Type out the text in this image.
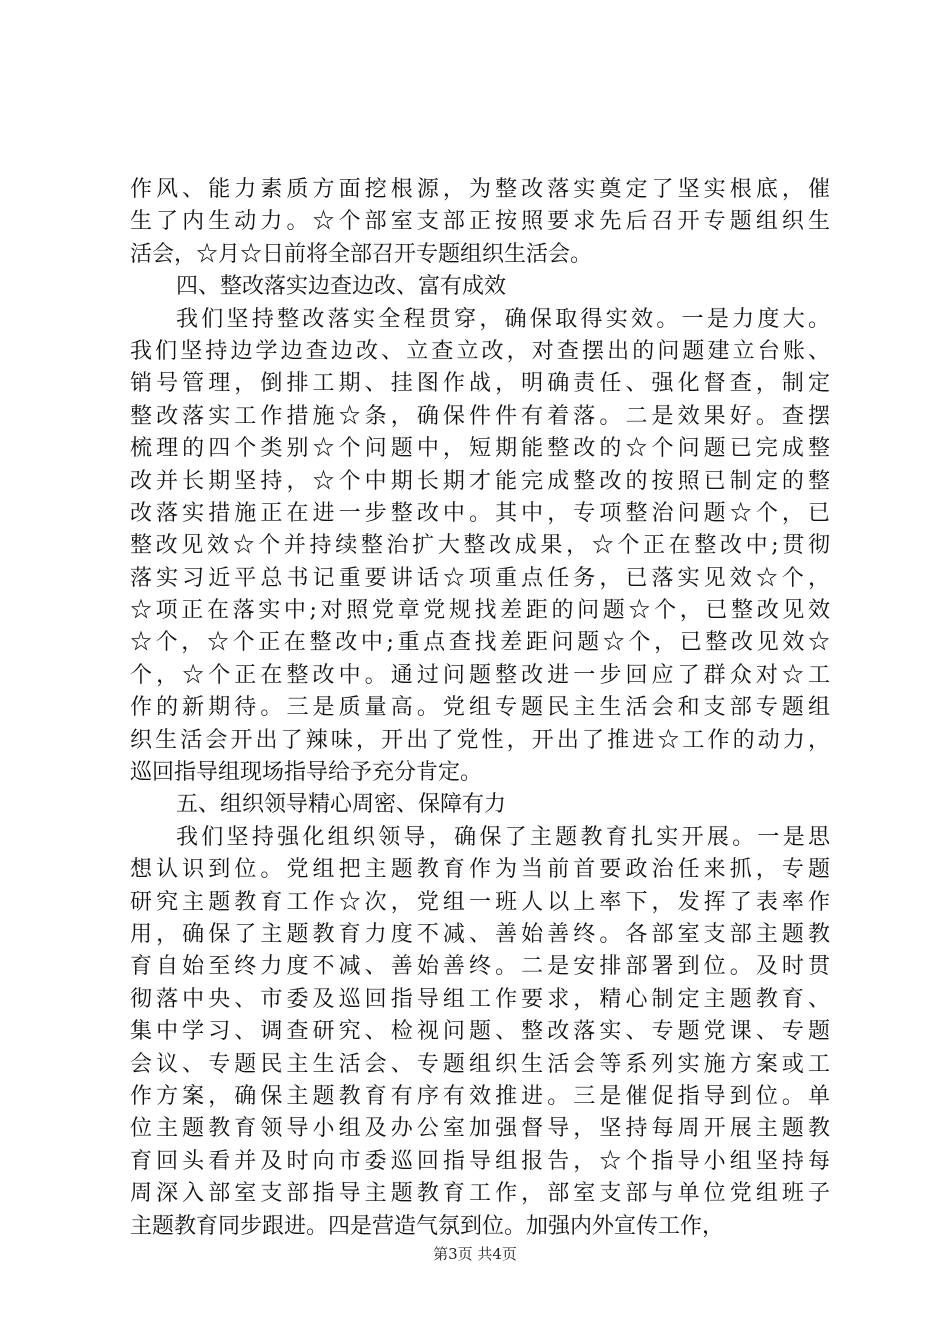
作风、能力素质方面挖根源，为整改落实奠定了坚实根底，催
生了内生动力。☆个部室支部正按照要求先后召开专题组织生
活会，☆月☆日前将全部召开专题组织生活会。
四、整改落实边查边改、富有成效
我们坚持整改落实全程贯穿，确保取得实效。一是力度大。
我们坚持边学边查边改、立查立改，对查摆出的问题建立台账、
销号管理，倒排工期、挂图作战，明确责任、强化督查，制定
整改落实工作措施☆条，确保件件有着落。二是效果好。查摆
梳理的四个类别☆个问题中，短期能整改的☆个问题已完成整
改并长期坚持，☆个中期长期才能完成整改的按照已制定的整
改落实措施正在进一步整改中。其中，专项整治问题☆个，已
整改见效☆个并持续整治扩大整改成果，☆个正在整改中;贯彻
落实习近平总书记重要讲话☆项重点任务，已落实见效☆个，
☆项正在落实中;对照党章党规找差距的问题☆个，已整改见效
☆个，☆个正在整改中;重点查找差距问题☆个，已整改见效☆
个，☆个正在整改中。通过问题整改进一步回应了群众对☆工
作的新期待。三是质量高。党组专题民主生活会和支部专题组
织生活会开出了辣味，开出了党性，开出了推进☆工作的动力，
巡回指导组现场指导给予充分肯定。
五、组织领导精心周密、保障有力
我们坚持强化组织领导，确保了主题教育扎实开展。一是思
想认识到位。党组把主题教育作为当前首要政治任来抓，专题
研究主题教育工作☆次，党组一班人以上率下，发挥了表率作
用，确保了主题教育力度不减、善始善终。各部室支部主题教
育自始至终力度不减、善始善终。二是安排部署到位。及时贯
彻落中央、市委及巡回指导组工作要求，精心制定主题教育、
集中学习、调查研究、检视问题、整改落实、专题党课、专题
会议、专题民主生活会、专题组织生活会等系列实施方案或工
作方案，确保主题教育有序有效推进。三是催促指导到位。单
位主题教育领导小组及办公室加强督导，坚持每周开展主题教
育回头看并及时向市委巡回指导组报告，☆个指导小组坚持每
周深入部室支部指导主题教育工作，部室支部与单位党组班子
主题教育同步跟进。四是营造气氛到位。加强内外宣传工作，
第3页 共4页
